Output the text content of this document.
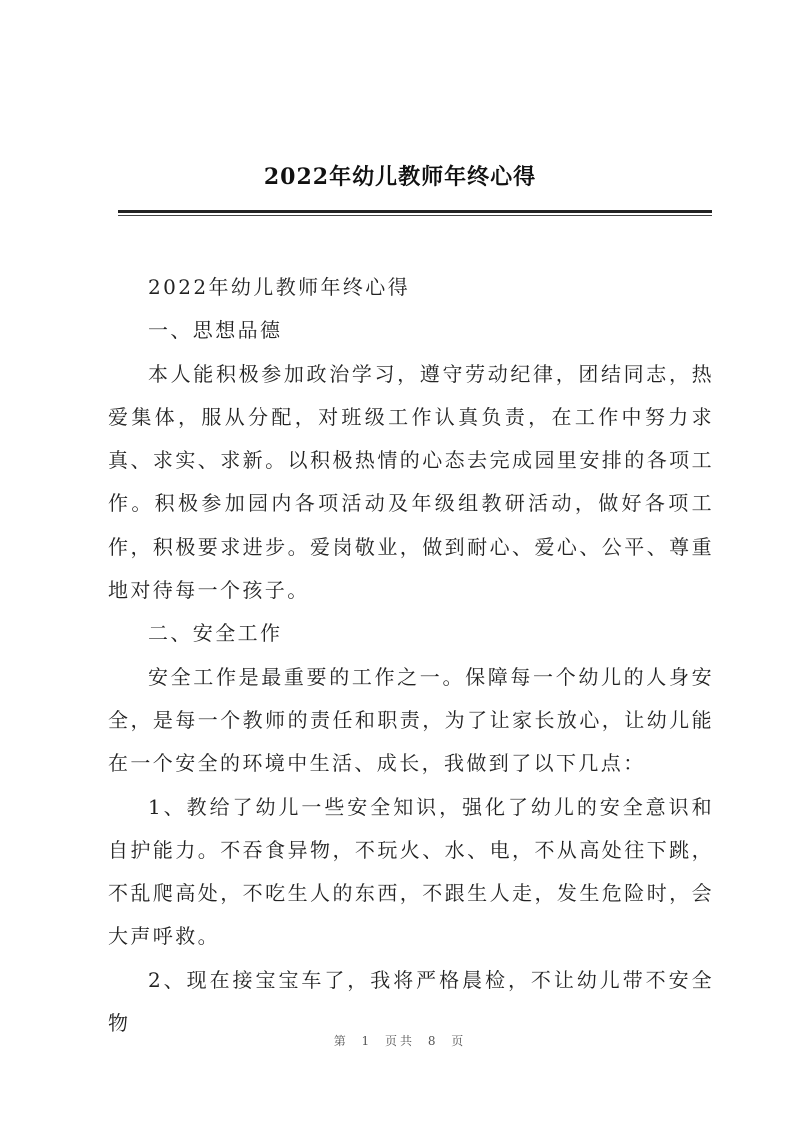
2022年幼儿教师年终心得

2022年幼儿教师年终心得

一、思想品德

本人能积极参加政治学习，遵守劳动纪律，团结同志，热爱集体，服从分配，对班级工作认真负责，在工作中努力求真、求实、求新。以积极热情的心态去完成园里安排的各项工作。积极参加园内各项活动及年级组教研活动，做好各项工作，积极要求进步。爱岗敬业，做到耐心、爱心、公平、尊重地对待每一个孩子。

二、安全工作

安全工作是最重要的工作之一。保障每一个幼儿的人身安全，是每一个教师的责任和职责，为了让家长放心，让幼儿能在一个安全的环境中生活、成长，我做到了以下几点：

1、教给了幼儿一些安全知识，强化了幼儿的安全意识和自护能力。不吞食异物，不玩火、水、电，不从高处往下跳，不乱爬高处，不吃生人的东西，不跟生人走，发生危险时，会大声呼救。

2、现在接宝宝车了，我将严格晨检，不让幼儿带不安全物

第 1 页共 8 页
